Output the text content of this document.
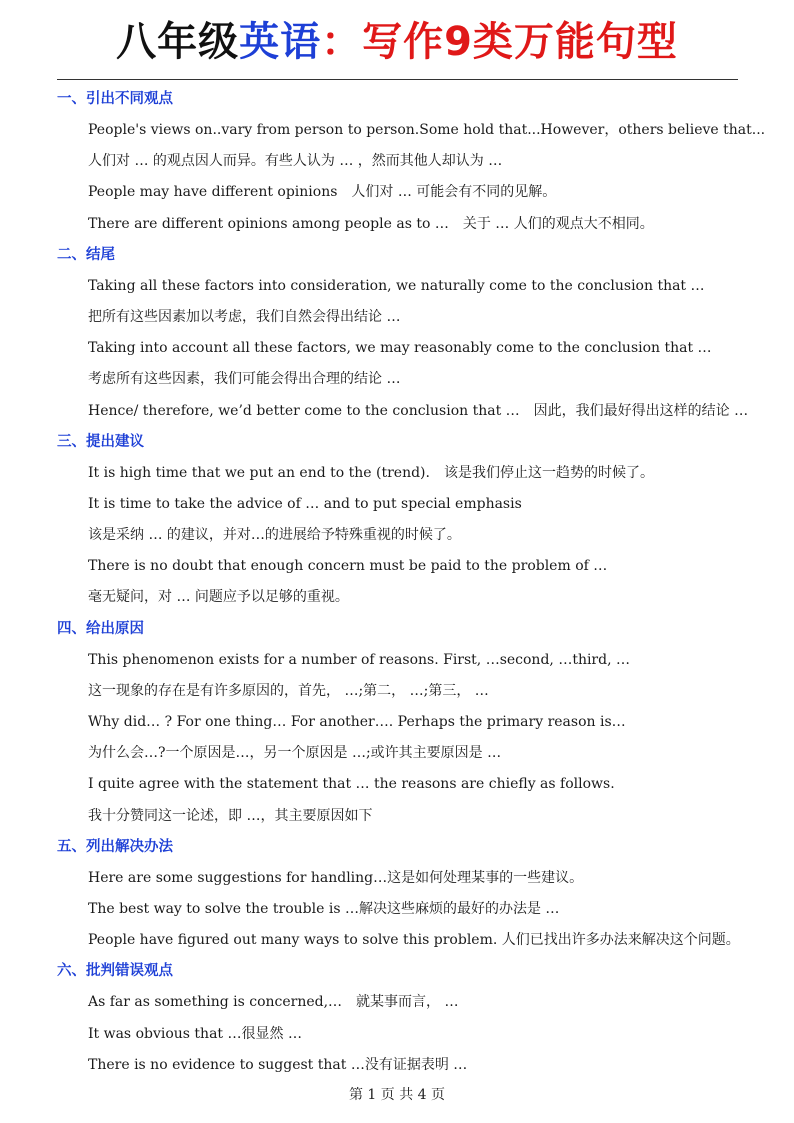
八年级英语：写作9类万能句型
一、引出不同观点
People's views on..vary from person to person.Some hold that...However，others believe that...
人们对 … 的观点因人而异。有些人认为 … ，然而其他人却认为 …
People may have different opinions　人们对 … 可能会有不同的见解。
There are different opinions among people as to …　关于 … 人们的观点大不相同。
二、结尾
Taking all these factors into consideration, we naturally come to the conclusion that …
把所有这些因素加以考虑，我们自然会得出结论 …
Taking into account all these factors, we may reasonably come to the conclusion that …
考虑所有这些因素，我们可能会得出合理的结论 …
Hence/ therefore, we’d better come to the conclusion that …　因此，我们最好得出这样的结论 …
三、提出建议
It is high time that we put an end to the (trend).　该是我们停止这一趋势的时候了。
It is time to take the advice of … and to put special emphasis
该是采纳 … 的建议，并对…的进展给予特殊重视的时候了。
There is no doubt that enough concern must be paid to the problem of …
毫无疑问，对 … 问题应予以足够的重视。
四、给出原因
This phenomenon exists for a number of reasons. First, …second, …third, …
这一现象的存在是有许多原因的，首先， …;第二， …;第三， …
Why did… ? For one thing… For another…. Perhaps the primary reason is…
为什么会…?一个原因是…，另一个原因是 …;或许其主要原因是 …
I quite agree with the statement that … the reasons are chiefly as follows.
我十分赞同这一论述，即 …，其主要原因如下
五、列出解决办法
Here are some suggestions for handling…这是如何处理某事的一些建议。
The best way to solve the trouble is …解决这些麻烦的最好的办法是 …
People have figured out many ways to solve this problem. 人们已找出许多办法来解决这个问题。
六、批判错误观点
As far as something is concerned,…　就某事而言， …
It was obvious that …很显然 …
There is no evidence to suggest that …没有证据表明 …
第 1 页 共 4 页
